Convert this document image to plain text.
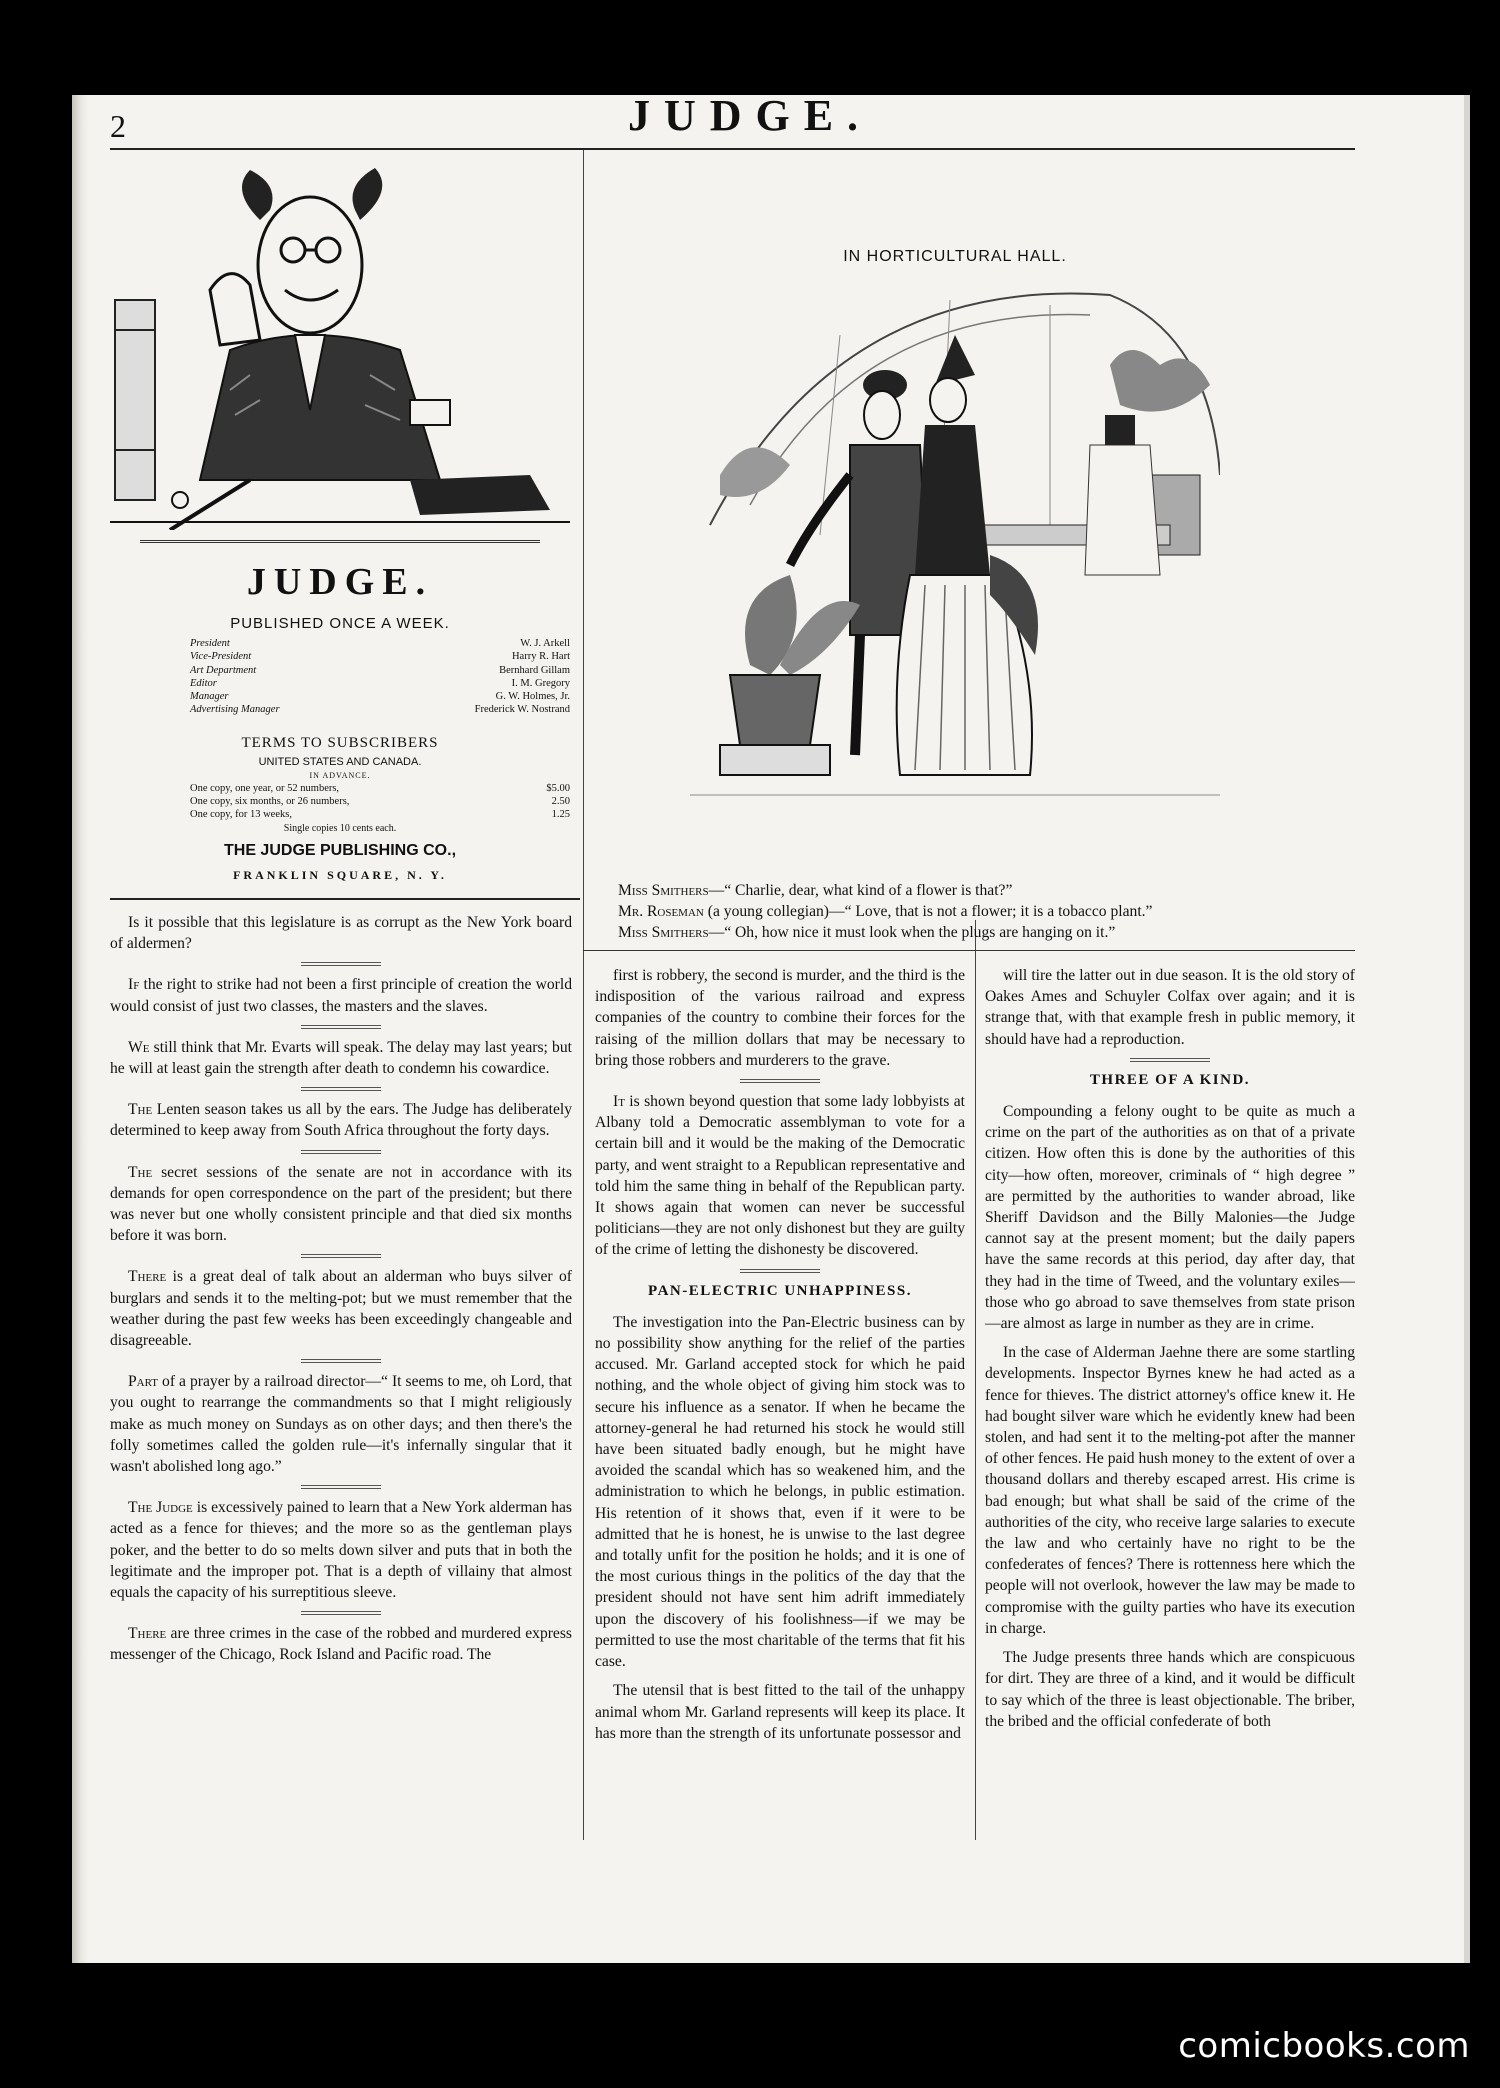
2	JUDGE.
JUDGE.
PUBLISHED ONCE A WEEK.
President	W. J. Arkell
Vice-President	Harry R. Hart
Art Department	Bernhard Gillam
Editor	I. M. Gregory
Manager	G. W. Holmes, Jr.
Advertising Manager	Frederick W. Nostrand
TERMS TO SUBSCRIBERS
UNITED STATES AND CANADA.
IN ADVANCE.
One copy, one year, or 52 numbers,	$5.00
One copy, six months, or 26 numbers,	2.50
One copy, for 13 weeks,	1.25
Single copies 10 cents each.
THE JUDGE PUBLISHING CO.,
FRANKLIN SQUARE, N. Y.
IN HORTICULTURAL HALL.
Miss Smithers—“ Charlie, dear, what kind of a flower is that?”
Mr. Roseman (a young collegian)—“ Love, that is not a flower; it is a tobacco plant.”
Miss Smithers—“ Oh, how nice it must look when the plugs are hanging on it.”

Is it possible that this legislature is as corrupt as the New York board of aldermen?

If the right to strike had not been a first principle of creation the world would consist of just two classes, the masters and the slaves.

We still think that Mr. Evarts will speak. The delay may last years; but he will at least gain the strength after death to condemn his cowardice.

The Lenten season takes us all by the ears. The Judge has deliberately determined to keep away from South Africa throughout the forty days.

The secret sessions of the senate are not in accordance with its demands for open correspondence on the part of the president; but there was never but one wholly consistent principle and that died six months before it was born.

There is a great deal of talk about an alderman who buys silver of burglars and sends it to the melting-pot; but we must remember that the weather during the past few weeks has been exceedingly changeable and disagreeable.

Part of a prayer by a railroad director—“ It seems to me, oh Lord, that you ought to rearrange the commandments so that I might religiously make as much money on Sundays as on other days; and then there's the folly sometimes called the golden rule—it's infernally singular that it wasn't abolished long ago.”

The Judge is excessively pained to learn that a New York alderman has acted as a fence for thieves; and the more so as the gentleman plays poker, and the better to do so melts down silver and puts that in both the legitimate and the improper pot. That is a depth of villainy that almost equals the capacity of his surreptitious sleeve.

There are three crimes in the case of the robbed and murdered express messenger of the Chicago, Rock Island and Pacific road. The

first is robbery, the second is murder, and the third is the indisposition of the various railroad and express companies of the country to combine their forces for the raising of the million dollars that may be necessary to bring those robbers and murderers to the grave.

It is shown beyond question that some lady lobbyists at Albany told a Democratic assemblyman to vote for a certain bill and it would be the making of the Democratic party, and went straight to a Republican representative and told him the same thing in behalf of the Republican party. It shows again that women can never be successful politicians—they are not only dishonest but they are guilty of the crime of letting the dishonesty be discovered.

PAN-ELECTRIC UNHAPPINESS.

The investigation into the Pan-Electric business can by no possibility show anything for the relief of the parties accused. Mr. Garland accepted stock for which he paid nothing, and the whole object of giving him stock was to secure his influence as a senator. If when he became the attorney-general he had returned his stock he would still have been situated badly enough, but he might have avoided the scandal which has so weakened him, and the administration to which he belongs, in public estimation. His retention of it shows that, even if it were to be admitted that he is honest, he is unwise to the last degree and totally unfit for the position he holds; and it is one of the most curious things in the politics of the day that the president should not have sent him adrift immediately upon the discovery of his foolishness—if we may be permitted to use the most charitable of the terms that fit his case.

The utensil that is best fitted to the tail of the unhappy animal whom Mr. Garland represents will keep its place. It has more than the strength of its unfortunate possessor and

will tire the latter out in due season. It is the old story of Oakes Ames and Schuyler Colfax over again; and it is strange that, with that example fresh in public memory, it should have had a reproduction.

THREE OF A KIND.

Compounding a felony ought to be quite as much a crime on the part of the authorities as on that of a private citizen. How often this is done by the authorities of this city—how often, moreover, criminals of “ high degree ” are permitted by the authorities to wander abroad, like Sheriff Davidson and the Billy Malonies—the Judge cannot say at the present moment; but the daily papers have the same records at this period, day after day, that they had in the time of Tweed, and the voluntary exiles—those who go abroad to save themselves from state prison—are almost as large in number as they are in crime.

In the case of Alderman Jaehne there are some startling developments. Inspector Byrnes knew he had acted as a fence for thieves. The district attorney's office knew it. He had bought silver ware which he evidently knew had been stolen, and had sent it to the melting-pot after the manner of other fences. He paid hush money to the extent of over a thousand dollars and thereby escaped arrest. His crime is bad enough; but what shall be said of the crime of the authorities of the city, who receive large salaries to execute the law and who certainly have no right to be the confederates of fences? There is rottenness here which the people will not overlook, however the law may be made to compromise with the guilty parties who have its execution in charge.

The Judge presents three hands which are conspicuous for dirt. They are three of a kind, and it would be difficult to say which of the three is least objectionable. The briber, the bribed and the official confederate of both

comicbooks.com
